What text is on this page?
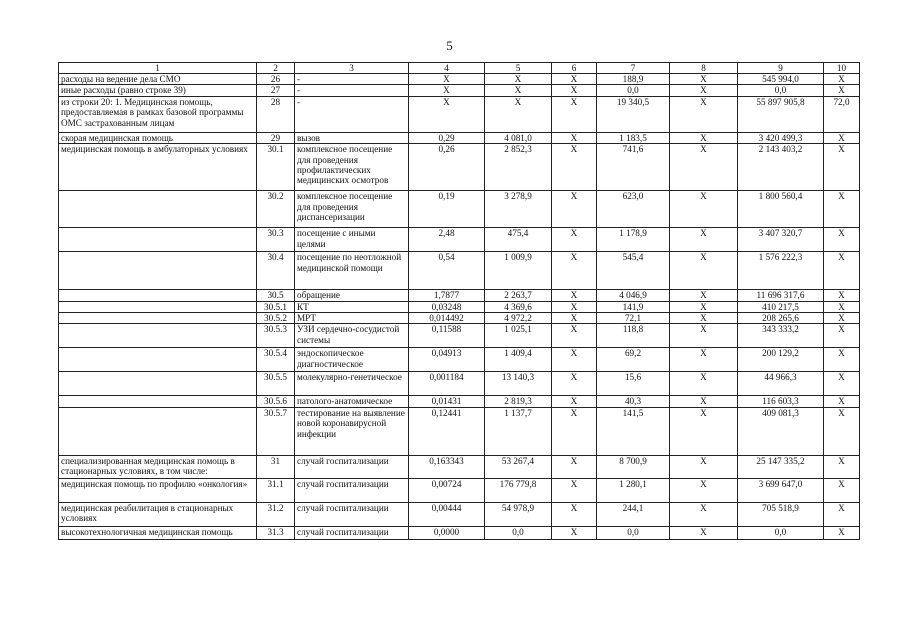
5
1	2	3	4	5	6	7	8	9	10
расходы на ведение дела СМО	26	-	X	X	X	188,9	X	545 994,0	X
иные расходы (равно строке 39)	27	-	X	X	X	0,0	X	0,0	X
из строки 20: 1. Медицинская помощь, предоставляемая в рамках базовой программы ОМС застрахованным лицам	28	-	X	X	X	19 340,5	X	55 897 905,8	72,0
скорая медицинская помощь	29	вызов	0,29	4 081,0	X	1 183,5	X	3 420 499,3	X
медицинская помощь в амбулаторных условиях	30.1	комплексное посещение для проведения профилактических медицинских осмотров	0,26	2 852,3	X	741,6	X	2 143 403,2	X
	30.2	комплексное посещение для проведения диспансеризации	0,19	3 278,9	X	623,0	X	1 800 560,4	X
	30.3	посещение с иными целями	2,48	475,4	X	1 178,9	X	3 407 320,7	X
	30.4	посещение по неотложной медицинской помощи	0,54	1 009,9	X	545,4	X	1 576 222,3	X
	30.5	обращение	1,7877	2 263,7	X	4 046,9	X	11 696 317,6	X
	30.5.1	КТ	0,03248	4 369,6	X	141,9	X	410 217,5	X
	30.5.2	МРТ	0,014492	4 972,2	X	72,1	X	208 265,6	X
	30.5.3	УЗИ сердечно-сосудистой системы	0,11588	1 025,1	X	118,8	X	343 333,2	X
	30.5.4	эндоскопическое диагностическое	0,04913	1 409,4	X	69,2	X	200 129,2	X
	30.5.5	молекулярно-генетическое	0,001184	13 140,3	X	15,6	X	44 966,3	X
	30.5.6	патолого-анатомическое	0,01431	2 819,3	X	40,3	X	116 603,3	X
	30.5.7	тестирование на выявление новой коронавирусной инфекции	0,12441	1 137,7	X	141,5	X	409 081,3	X
специализированная медицинская помощь в стационарных условиях, в том числе:	31	случай госпитализации	0,163343	53 267,4	X	8 700,9	X	25 147 335,2	X
медицинская помощь по профилю «онкология»	31.1	случай госпитализации	0,00724	176 779,8	X	1 280,1	X	3 699 647,0	X
медицинская реабилитация в стационарных условиях	31.2	случай госпитализации	0,00444	54 978,9	X	244,1	X	705 518,9	X
высокотехнологичная медицинская помощь	31.3	случай госпитализации	0,0000	0,0	X	0,0	X	0,0	X
